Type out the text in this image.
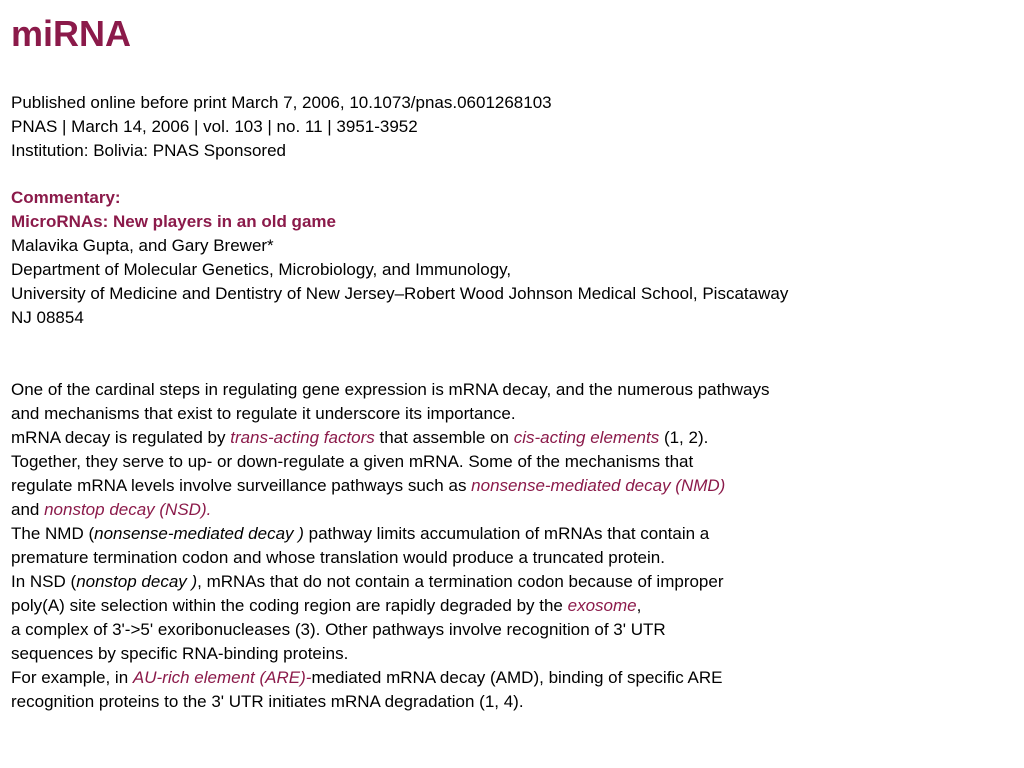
miRNA
Published online before print March 7, 2006, 10.1073/pnas.0601268103
PNAS | March 14, 2006 | vol. 103 | no. 11 | 3951-3952
Institution: Bolivia: PNAS Sponsored
Commentary:
MicroRNAs: New players in an old game
Malavika Gupta, and Gary Brewer*
Department of Molecular Genetics, Microbiology, and Immunology,
University of Medicine and Dentistry of New Jersey–Robert Wood Johnson Medical School, Piscataway
NJ 08854
One of the cardinal steps in regulating gene expression is mRNA decay, and the numerous pathways
and mechanisms that exist to regulate it underscore its importance.
mRNA decay is regulated by trans-acting factors that assemble on cis-acting elements (1, 2).
Together, they serve to up- or down-regulate a given mRNA. Some of the mechanisms that
regulate mRNA levels involve surveillance pathways such as nonsense-mediated decay (NMD)
and nonstop decay (NSD).
The NMD (nonsense-mediated decay ) pathway limits accumulation of mRNAs that contain a
premature termination codon and whose translation would produce a truncated protein.
In NSD (nonstop decay ), mRNAs that do not contain a termination codon because of improper
poly(A) site selection within the coding region are rapidly degraded by the exosome,
a complex of 3'->5' exoribonucleases (3). Other pathways involve recognition of 3' UTR
sequences by specific RNA-binding proteins.
For example, in AU-rich element (ARE)-mediated mRNA decay (AMD), binding of specific ARE
recognition proteins to the 3' UTR initiates mRNA degradation (1, 4).
